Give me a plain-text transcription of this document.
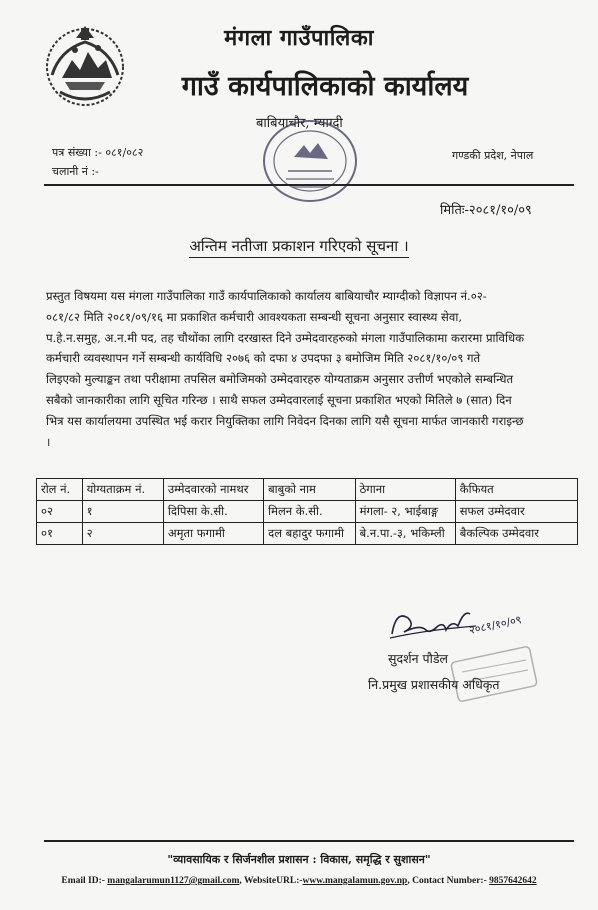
मंगला गाउँपालिका
गाउँ कार्यपालिकाको कार्यालय
बाबियाचौर, म्याग्दी
पत्र संख्या :- ०८१/०८२
चलानी नं :-
गण्डकी प्रदेश, नेपाल
मितिः-२०८१/१०/०९
अन्तिम नतीजा प्रकाशन गरिएको सूचना ।
प्रस्तुत विषयमा यस मंगला गाउँपालिका गाउँ कार्यपालिकाको कार्यालय बाबियाचौर म्याग्दीको विज्ञापन नं.०२-
०८१/८२ मिति २०८१/०९/१६ मा प्रकाशित कर्मचारी आवश्यकता सम्बन्धी सूचना अनुसार स्वास्थ्य सेवा,
प.हे.न.समुह, अ.न.मी पद, तह चौथोंका लागि दरखास्त दिने उम्मेदवारहरुको मंगला गाउँपालिकामा करारमा प्राविधिक
कर्मचारी व्यवस्थापन गर्ने सम्बन्धी कार्यविधि २०७६ को दफा ४ उपदफा ३ बमोजिम मिति २०८१/१०/०९ गते
लिइएको मुल्याङ्कन तथा परीक्षामा तपसिल बमोजिमको उम्मेदवारहरु योग्यताक्रम अनुसार उत्तीर्ण भएकोले सम्बन्धित
सबैको जानकारीका लागि सूचित गरिन्छ । साथै सफल उम्मेदवारलाई सूचना प्रकाशित भएको मितिले ७ (सात) दिन
भित्र यस कार्यालयमा उपस्थित भई करार नियुक्तिका लागि निवेदन दिनका लागि यसै सूचना मार्फत जानकारी गराइन्छ
।
रोल नं.	योग्यताक्रम नं.	उम्मेदवारको नामथर	बाबुको नाम	ठेगाना	कैफियत
०२	१	दिपिसा के.सी.	मिलन के.सी.	मंगला- २, भाईबाङ्ग	सफल उम्मेदवार
०१	२	अमृता फगामी	दल बहादुर फगामी	बे.न.पा.-३, भकिम्ली	बैकल्पिक उम्मेदवार
२०८१/१०/०९
सुदर्शन पौडेल
नि.प्रमुख प्रशासकीय अधिकृत
"व्यावसायिक र सिर्जनशील प्रशासन : विकास, समृद्धि र सुशासन"
Email ID:- mangalarumun1127@gmail.com, WebsiteURL:-www.mangalamun.gov.np, Contact Number:- 9857642642
